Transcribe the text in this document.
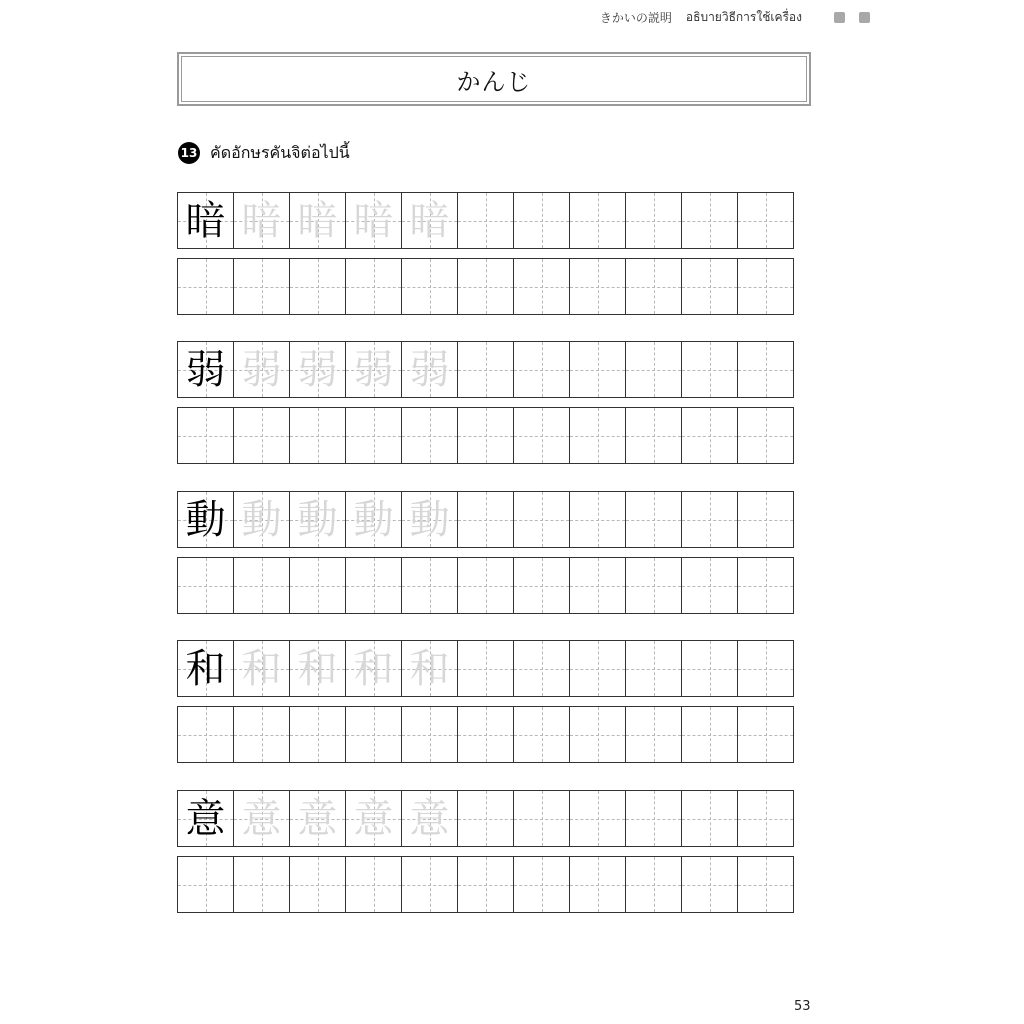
きかいの説明 อธิบายวิธีการใช้เครื่อง
かんじ
13 คัดอักษรคันจิต่อไปนี้
暗 暗 暗 暗 暗
弱 弱 弱 弱 弱
動 動 動 動 動
和 和 和 和 和
意 意 意 意 意
53
